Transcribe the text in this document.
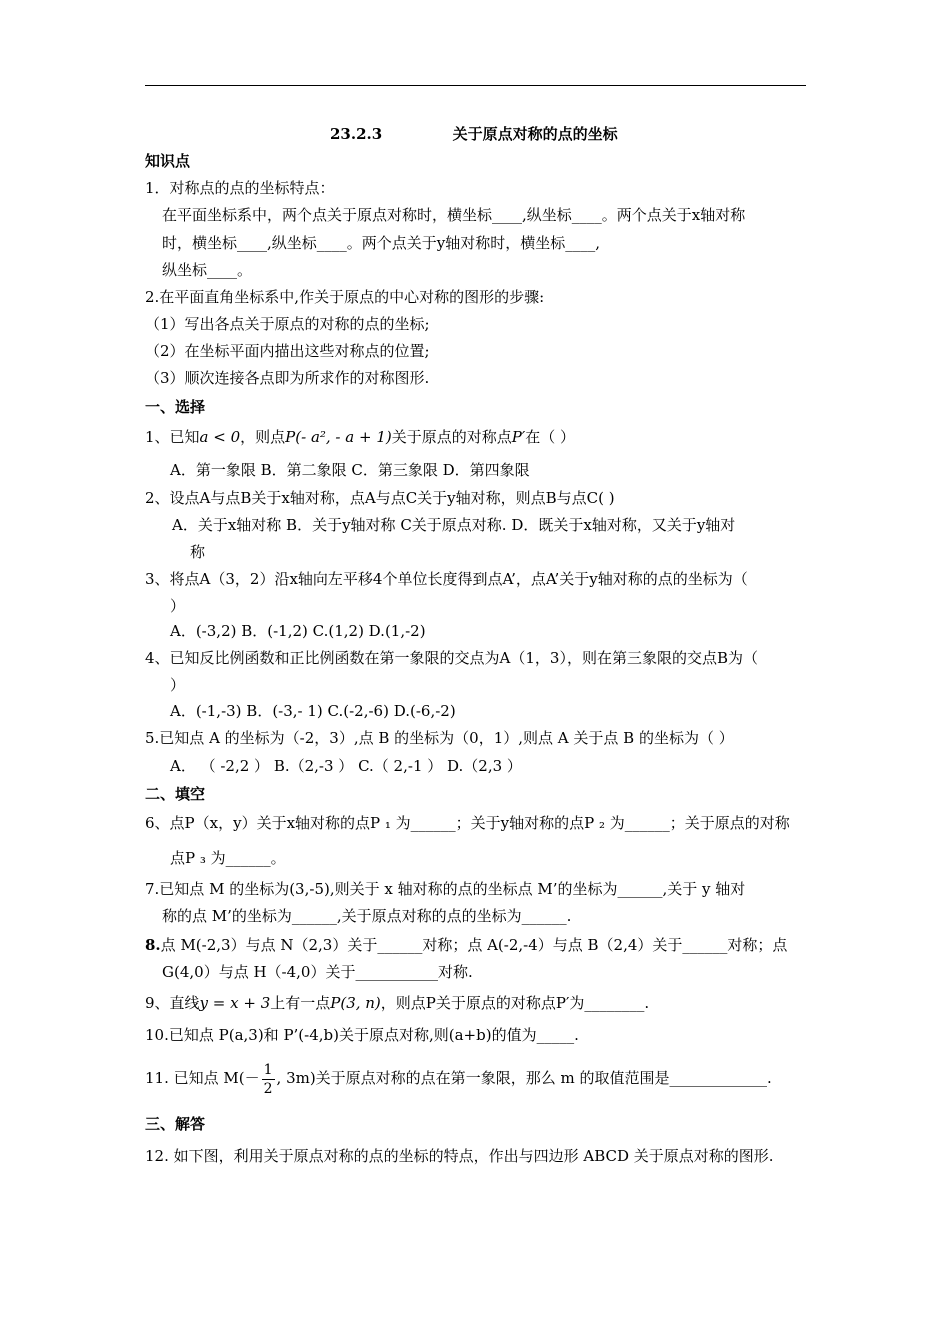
23.2.3	关于原点对称的点的坐标
知识点
1．对称点的点的坐标特点：
在平面坐标系中，两个点关于原点对称时，横坐标____,纵坐标____。两个点关于x轴对称
时，横坐标____,纵坐标____。两个点关于y轴对称时，横坐标____,
纵坐标____。
2.在平面直角坐标系中,作关于原点的中心对称的图形的步骤:
（1）写出各点关于原点的对称的点的坐标;
（2）在坐标平面内描出这些对称点的位置;
（3）顺次连接各点即为所求作的对称图形.
一、选择
1、已知a < 0，则点P(- a², - a + 1)关于原点的对称点P′在（ ）
A．第一象限 B．第二象限 C．第三象限 D．第四象限
2、设点A与点B关于x轴对称，点A与点C关于y轴对称，则点B与点C( )
A．关于x轴对称 B．关于y轴对称 C关于原点对称. D．既关于x轴对称，又关于y轴对
称
3、将点A（3，2）沿x轴向左平移4个单位长度得到点A’，点A’关于y轴对称的点的坐标为（
）
A．(-3,2) B．(-1,2) C.(1,2) D.(1,-2)
4、已知反比例函数和正比例函数在第一象限的交点为A（1，3），则在第三象限的交点B为（
）
A．(-1,-3) B．(-3,- 1) C.(-2,-6) D.(-6,-2)
5.已知点 A 的坐标为（-2，3）,点 B 的坐标为（0，1）,则点 A 关于点 B 的坐标为（ ）
A． （ -2,2 ） B.（2,-3 ） C.（ 2,-1 ） D.（2,3 ）
二、填空
6、点P（x，y）关于x轴对称的点P ₁ 为______；关于y轴对称的点P ₂ 为______；关于原点的对称
点P ₃ 为______。
7.已知点 M 的坐标为(3,-5),则关于 x 轴对称的点的坐标点 M’的坐标为______,关于 y 轴对
称的点 M’的坐标为______,关于原点对称的点的坐标为______.
8.点 M(-2,3）与点 N（2,3）关于______对称；点 A(-2,-4）与点 B（2,4）关于______对称；点
G(4,0）与点 H（-4,0）关于___________对称.
9、直线y = x + 3上有一点P(3, n)，则点P关于原点的对称点P′为________.
10.已知点 P(a,3)和 P’(-4,b)关于原点对称,则(a+b)的值为_____.
11. 已知点 $M(- \frac{1}{2}$ , 3m)关于原点对称的点在第一象限，那么 m 的取值范围是_____________.
三、解答
12. 如下图，利用关于原点对称的点的坐标的特点，作出与四边形 ABCD 关于原点对称的图形.
